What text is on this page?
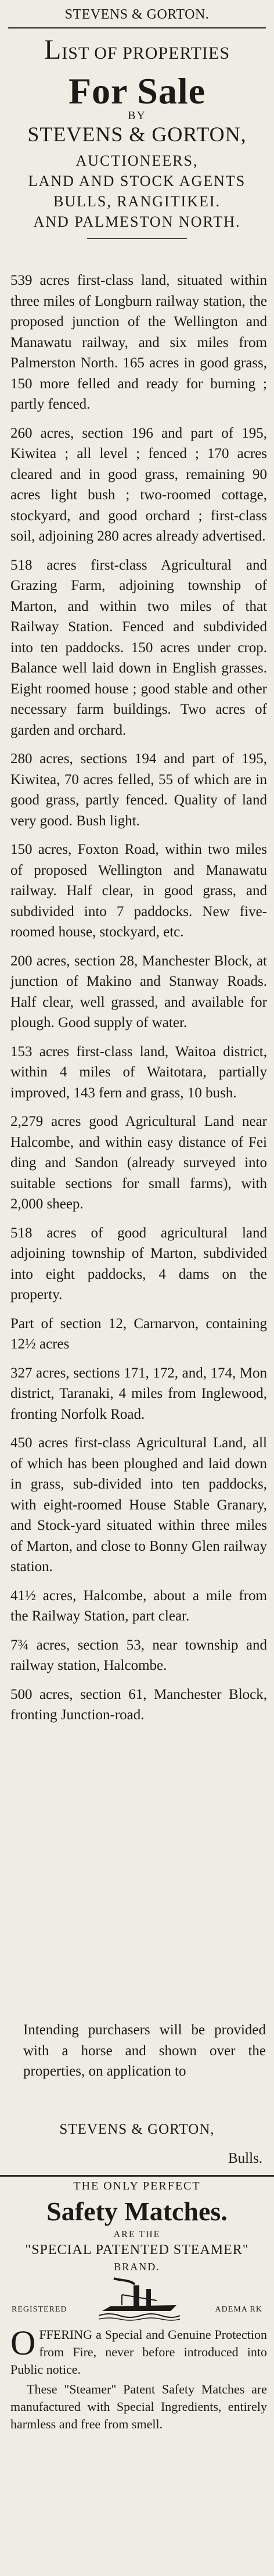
STEVENS & GORTON.
LIST OF PROPERTIES
For Sale
BY
STEVENS & GORTON,
AUCTIONEERS,
LAND AND STOCK AGENTS
BULLS, RANGITIKEI.
AND PALMESTON NORTH.

539 acres first-class land, situated within three miles of Longburn railway station, the proposed junction of the Wellington and Manawatu railway, and six miles from Palmerston North. 165 acres in good grass, 150 more felled and ready for burning ; partly fenced.

260 acres, section 196 and part of 195, Kiwitea ; all level ; fenced ; 170 acres cleared and in good grass, remaining 90 acres light bush ; two-roomed cottage, stockyard, and good orchard ; first-class soil, adjoining 280 acres already advertised.

518 acres first-class Agricultural and Grazing Farm, adjoining township of Marton, and within two miles of that Railway Station. Fenced and subdivided into ten paddocks. 150 acres under crop. Balance well laid down in English grasses. Eight roomed house ; good stable and other necessary farm buildings. Two acres of garden and orchard.

280 acres, sections 194 and part of 195, Kiwitea, 70 acres felled, 55 of which are in good grass, partly fenced. Quality of land very good. Bush light.

150 acres, Foxton Road, within two miles of proposed Wellington and Manawatu railway. Half clear, in good grass, and subdivided into 7 paddocks. New five-roomed house, stockyard, etc.

200 acres, section 28, Manchester Block, at junction of Makino and Stanway Roads. Half clear, well grassed, and available for plough. Good supply of water.

153 acres first-class land, Waitoa district, within 4 miles of Waitotara, partially improved, 143 fern and grass, 10 bush.

2,279 acres good Agricultural Land near Halcombe, and within easy distance of Fei ding and Sandon (already surveyed into suitable sections for small farms), with 2,000 sheep.

518 acres of good agricultural land adjoining township of Marton, subdivided into eight paddocks, 4 dams on the property.

Part of section 12, Carnarvon, containing 12½ acres

327 acres, sections 171, 172, and, 174, Mon district, Taranaki, 4 miles from Inglewood, fronting Norfolk Road.

450 acres first-class Agricultural Land, all of which has been ploughed and laid down in grass, sub-divided into ten paddocks, with eight-roomed House Stable Granary, and Stock-yard situated within three miles of Marton, and close to Bonny Glen railway station.

41½ acres, Halcombe, about a mile from the Railway Station, part clear.

7¾ acres, section 53, near township and railway station, Halcombe.

500 acres, section 61, Manchester Block, fronting Junction-road.

Intending purchasers will be provided with a horse and shown over the properties, on application to
STEVENS & GORTON,
Bulls.
THE ONLY PERFECT
Safety Matches.
ARE THE
"SPECIAL PATENTED STEAMER"
BRAND.
REGISTERED	ADEMA RK

OFFERING a Special and Genuine Protection from Fire, never before introduced into Public notice.

These "Steamer" Patent Safety Matches are manufactured with Special Ingredients, entirely harmless and free from smell.
